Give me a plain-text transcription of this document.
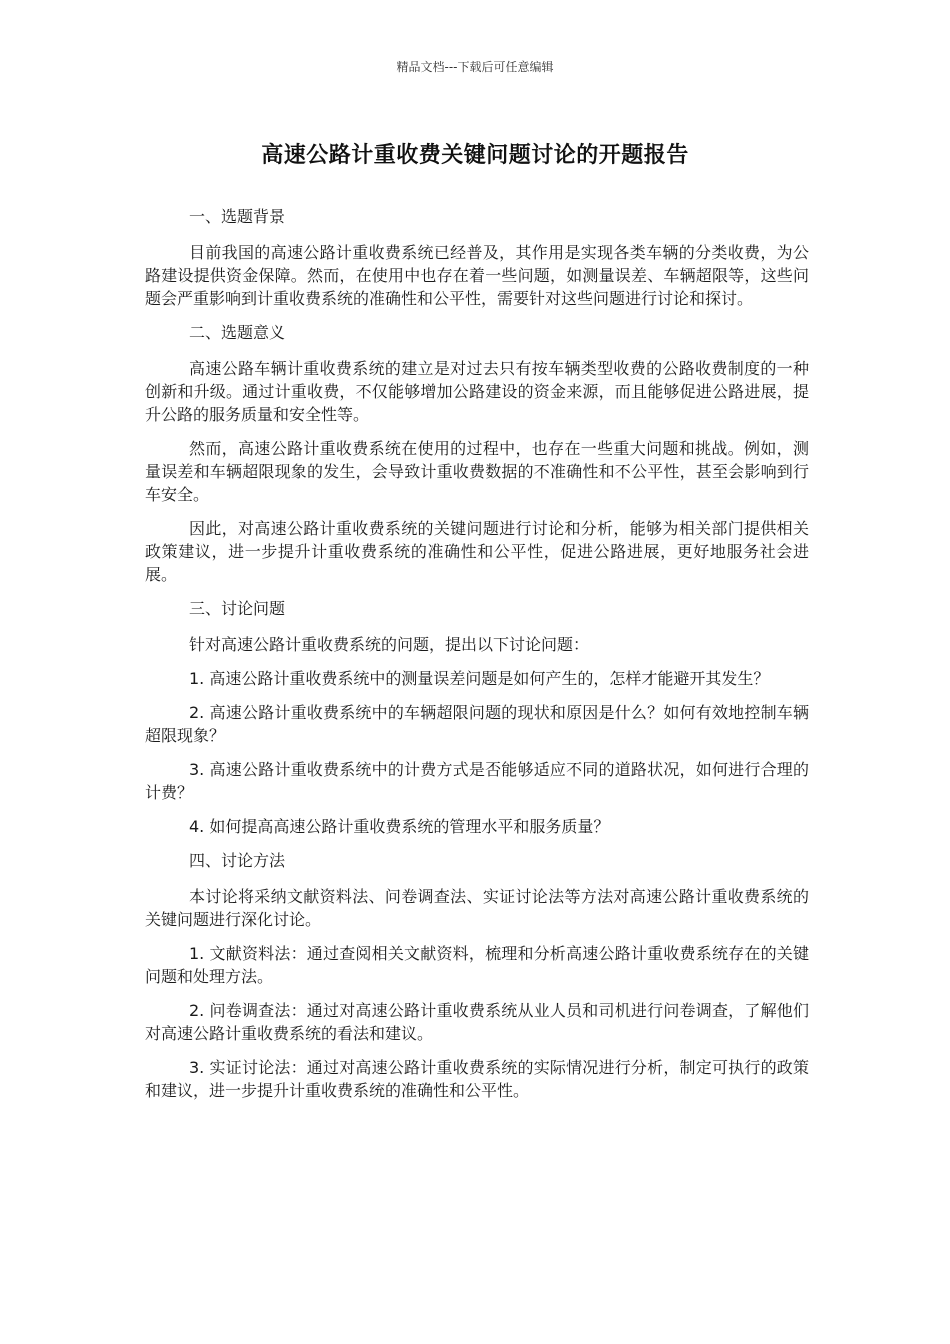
精品文档---下载后可任意编辑
高速公路计重收费关键问题讨论的开题报告

一、选题背景

目前我国的高速公路计重收费系统已经普及，其作用是实现各类车辆的分类收费，为公路建设提供资金保障。然而，在使用中也存在着一些问题，如测量误差、车辆超限等，这些问题会严重影响到计重收费系统的准确性和公平性，需要针对这些问题进行讨论和探讨。

二、选题意义

高速公路车辆计重收费系统的建立是对过去只有按车辆类型收费的公路收费制度的一种创新和升级。通过计重收费，不仅能够增加公路建设的资金来源，而且能够促进公路进展，提升公路的服务质量和安全性等。

然而，高速公路计重收费系统在使用的过程中，也存在一些重大问题和挑战。例如，测量误差和车辆超限现象的发生，会导致计重收费数据的不准确性和不公平性，甚至会影响到行车安全。

因此，对高速公路计重收费系统的关键问题进行讨论和分析，能够为相关部门提供相关政策建议，进一步提升计重收费系统的准确性和公平性，促进公路进展，更好地服务社会进展。

三、讨论问题

针对高速公路计重收费系统的问题，提出以下讨论问题：

1. 高速公路计重收费系统中的测量误差问题是如何产生的，怎样才能避开其发生？

2. 高速公路计重收费系统中的车辆超限问题的现状和原因是什么？如何有效地控制车辆超限现象？

3. 高速公路计重收费系统中的计费方式是否能够适应不同的道路状况，如何进行合理的计费？

4. 如何提高高速公路计重收费系统的管理水平和服务质量？

四、讨论方法

本讨论将采纳文献资料法、问卷调查法、实证讨论法等方法对高速公路计重收费系统的关键问题进行深化讨论。

1. 文献资料法：通过查阅相关文献资料，梳理和分析高速公路计重收费系统存在的关键问题和处理方法。

2. 问卷调查法：通过对高速公路计重收费系统从业人员和司机进行问卷调查，了解他们对高速公路计重收费系统的看法和建议。

3. 实证讨论法：通过对高速公路计重收费系统的实际情况进行分析，制定可执行的政策和建议，进一步提升计重收费系统的准确性和公平性。
